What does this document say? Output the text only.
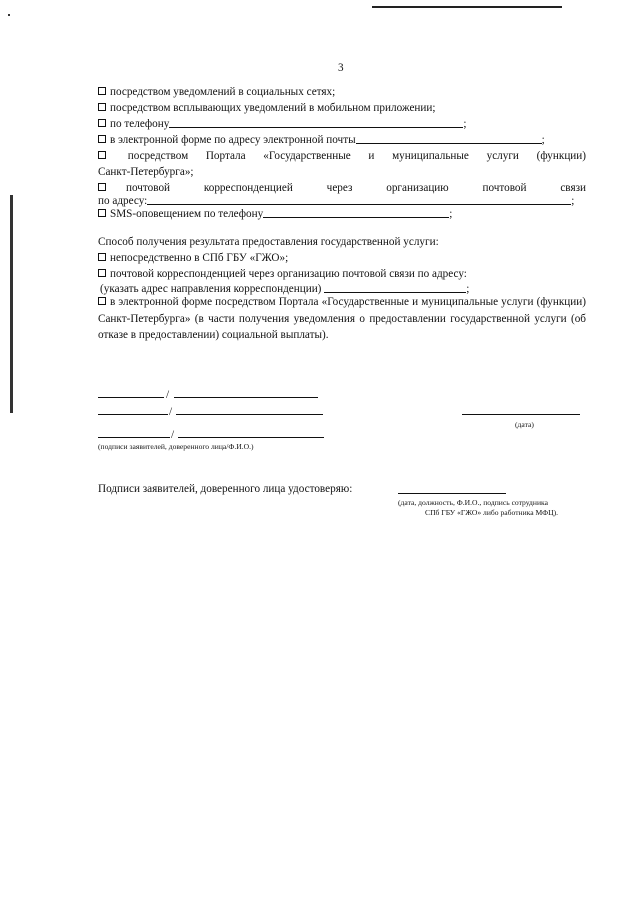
3
посредством уведомлений в социальных сетях;
посредством всплывающих уведомлений в мобильном приложении;
по телефону	;
в электронной форме по адресу электронной почты	;
посредством Портала «Государственные и муниципальные услуги (функции)
Санкт-Петербурга»;
почтовой корреспонденцией через организацию почтовой связи
по адресу:	;
SMS-оповещением по телефону	;
Способ получения результата предоставления государственной услуги:
непосредственно в СПб ГБУ «ГЖО»;
почтовой корреспонденцией через организацию почтовой связи по адресу:
(указать адрес направления корреспонденции)	;
в электронной форме посредством Портала «Государственные и муниципальные услуги (функции) Санкт-Петербурга» (в части получения уведомления о предоставлении государственной услуги (об отказе в предоставлении) социальной выплаты).
/
/
(дата)
/
(подписи заявителей, доверенного лица/Ф.И.О.)
Подписи заявителей, доверенного лица удостоверяю:
(дата, должность, Ф.И.О., подпись сотрудника
СПб ГБУ «ГЖО» либо работника МФЦ).
